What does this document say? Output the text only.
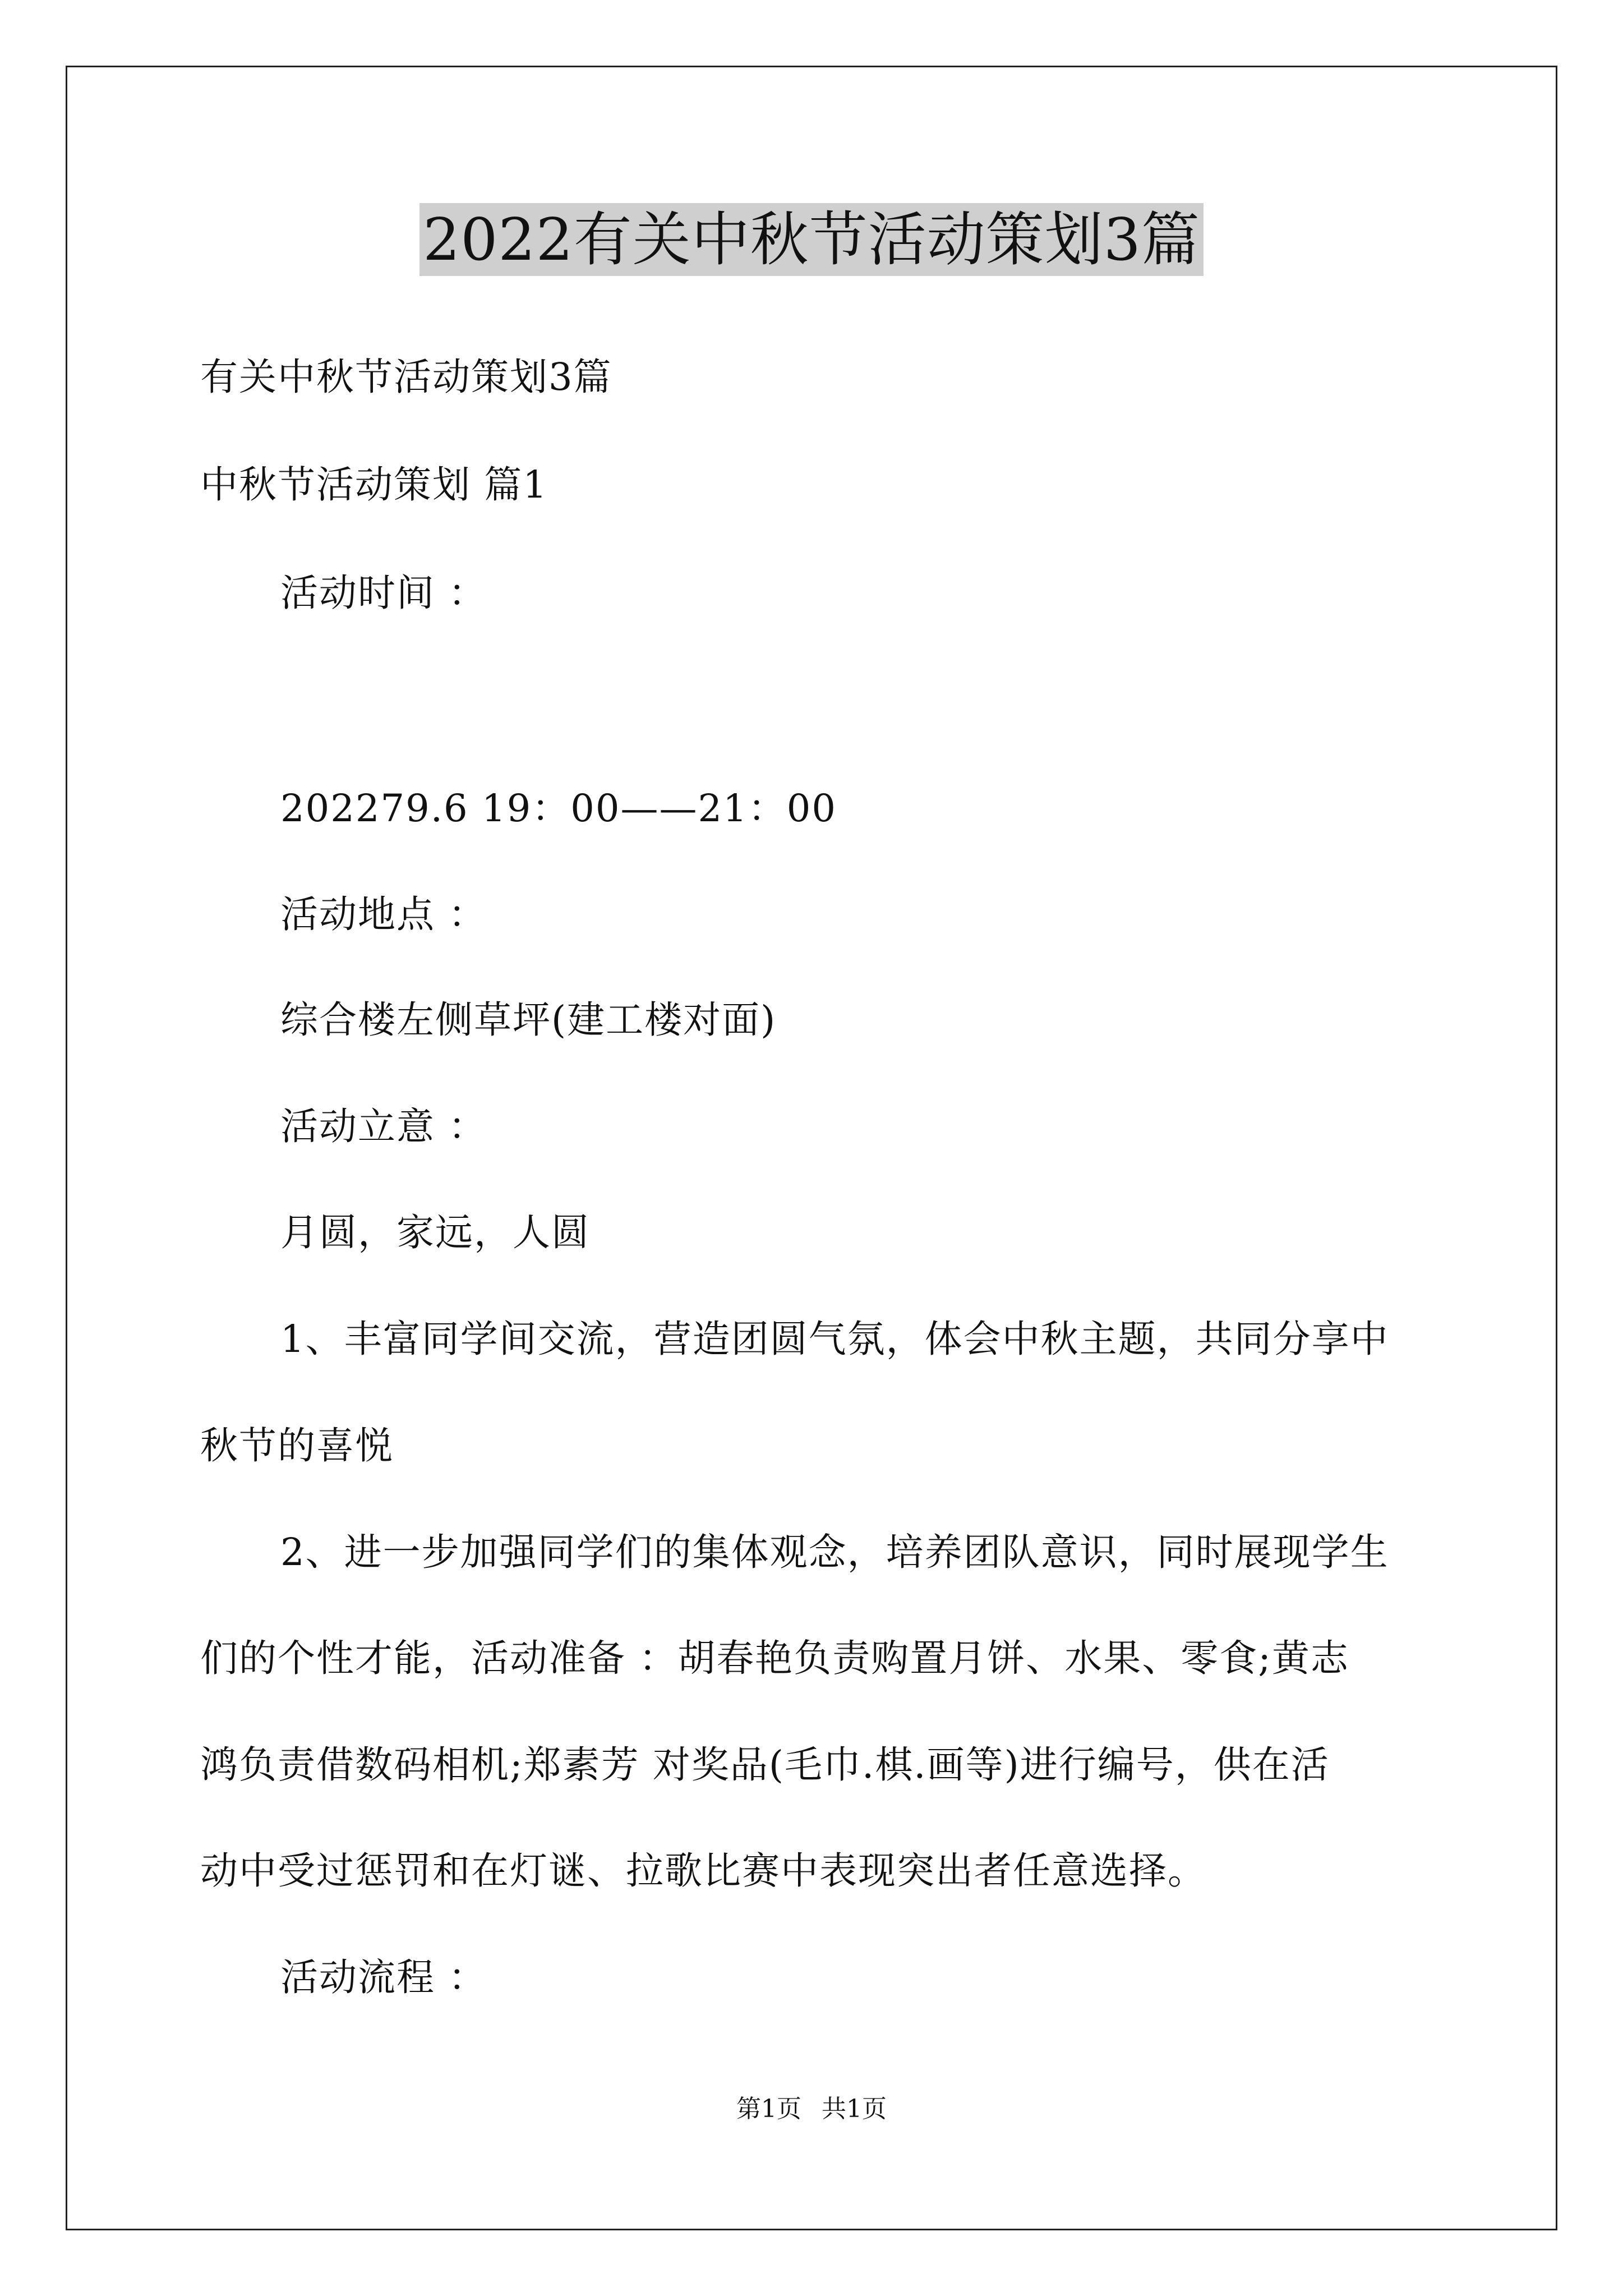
2022有关中秋节活动策划3篇
有关中秋节活动策划3篇
中秋节活动策划 篇1
活动时间 ：
202279.6 19：00——21：00
活动地点 ：
综合楼左侧草坪(建工楼对面)
活动立意 ：
月圆，家远，人圆
1、丰富同学间交流，营造团圆气氛，体会中秋主题，共同分享中
秋节的喜悦
2、进一步加强同学们的集体观念，培养团队意识，同时展现学生
们的个性才能，活动准备 ：胡春艳负责购置月饼、水果、零食;黄志
鸿负责借数码相机;郑素芳 对奖品(毛巾.棋.画等)进行编号，供在活
动中受过惩罚和在灯谜、拉歌比赛中表现突出者任意选择。
活动流程 ：
第1页 共1页
